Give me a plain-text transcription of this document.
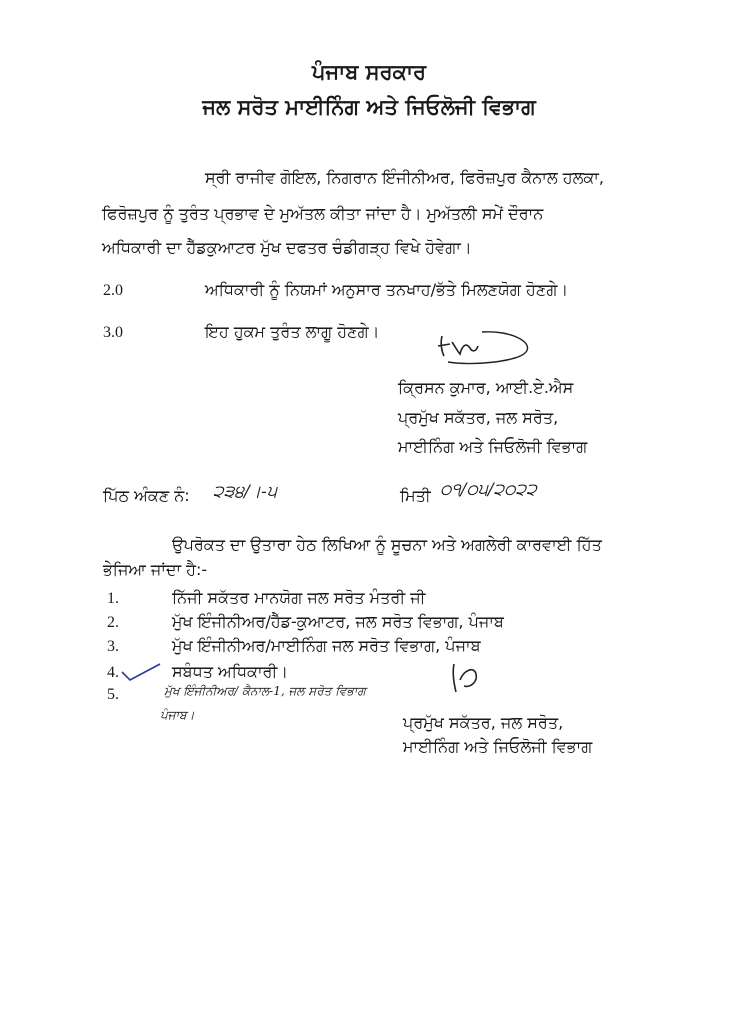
ਪੰਜਾਬ ਸਰਕਾਰ
ਜਲ ਸਰੋਤ ਮਾਈਨਿੰਗ ਅਤੇ ਜਿਓਲੋਜੀ ਵਿਭਾਗ
ਸ੍ਰੀ ਰਾਜੀਵ ਗੋਇਲ, ਨਿਗਰਾਨ ਇੰਜੀਨੀਅਰ, ਫਿਰੋਜ਼ਪੁਰ ਕੈਨਾਲ ਹਲਕਾ,
ਫਿਰੋਜ਼ਪੁਰ ਨੂੰ ਤੁਰੰਤ ਪ੍ਰਭਾਵ ਦੇ ਮੁਅੱਤਲ ਕੀਤਾ ਜਾਂਦਾ ਹੈ। ਮੁਅੱਤਲੀ ਸਮੇਂ ਦੌਰਾਨ
ਅਧਿਕਾਰੀ ਦਾ ਹੈੱਡਕੁਆਟਰ ਮੁੱਖ ਦਫਤਰ ਚੰਡੀਗੜ੍ਹ ਵਿਖੇ ਹੋਵੇਗਾ।
2.0	ਅਧਿਕਾਰੀ ਨੂੰ ਨਿਯਮਾਂ ਅਨੁਸਾਰ ਤਨਖਾਹ/ਭੱਤੇ ਮਿਲਣਯੋਗ ਹੋਣਗੇ।
3.0	ਇਹ ਹੁਕਮ ਤੁਰੰਤ ਲਾਗੂ ਹੋਣਗੇ।
ਕ੍ਰਿਸਨ ਕੁਮਾਰ, ਆਈ.ਏ.ਐਸ
ਪ੍ਰਮੁੱਖ ਸਕੱਤਰ, ਜਲ ਸਰੋਤ,
ਮਾਈਨਿੰਗ ਅਤੇ ਜਿਓਲੋਜੀ ਵਿਭਾਗ
ਪਿੱਠ ਅੰਕਣ ਨੰ: ੨੩੪/।-੫	ਮਿਤੀ ੦੧/੦੫/੨੦੨੨
ਉਪਰੋਕਤ ਦਾ ਉਤਾਰਾ ਹੇਠ ਲਿਖਿਆ ਨੂੰ ਸੂਚਨਾ ਅਤੇ ਅਗਲੇਰੀ ਕਾਰਵਾਈ ਹਿੱਤ
ਭੇਜਿਆ ਜਾਂਦਾ ਹੈ:-
1.	ਨਿੱਜੀ ਸਕੱਤਰ ਮਾਨਯੋਗ ਜਲ ਸਰੋਤ ਮੰਤਰੀ ਜੀ
2.	ਮੁੱਖ ਇੰਜੀਨੀਅਰ/ਹੈੱਡ-ਕੁਆਟਰ, ਜਲ ਸਰੋਤ ਵਿਭਾਗ, ਪੰਜਾਬ
3.	ਮੁੱਖ ਇੰਜੀਨੀਅਰ/ਮਾਈਨਿੰਗ ਜਲ ਸਰੋਤ ਵਿਭਾਗ, ਪੰਜਾਬ
4.	ਸਬੰਧਤ ਅਧਿਕਾਰੀ।
5.	ਮੁੱਖ ਇੰਜੀਨੀਅਰ/ ਕੈਨਾਲ-1, ਜਲ ਸਰੋਤ ਵਿਭਾਗ
ਪੰਜਾਬ।	ਪ੍ਰਮੁੱਖ ਸਕੱਤਰ, ਜਲ ਸਰੋਤ,
ਮਾਈਨਿੰਗ ਅਤੇ ਜਿਓਲੋਜੀ ਵਿਭਾਗ
